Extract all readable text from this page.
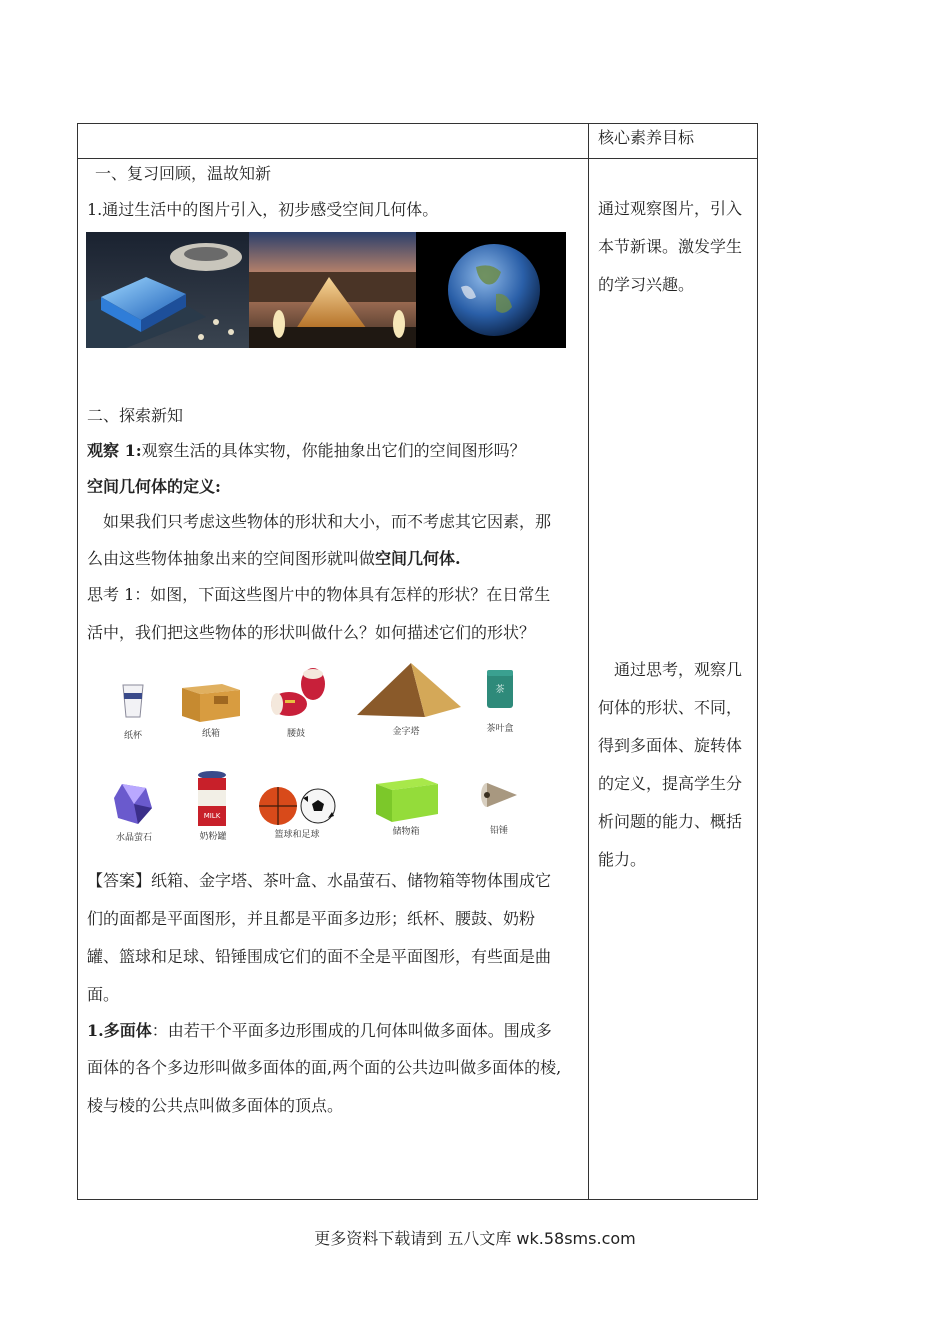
核心素养目标
一、复习回顾，温故知新
1.通过生活中的图片引入，初步感受空间几何体。
二、探索新知
观察 1:观察生活的具体实物，你能抽象出它们的空间图形吗？
空间几何体的定义:
如果我们只考虑这些物体的形状和大小，而不考虑其它因素，那
么由这些物体抽象出来的空间图形就叫做空间几何体.
思考 1：如图，下面这些图片中的物体具有怎样的形状？在日常生
活中，我们把这些物体的形状叫做什么？如何描述它们的形状？
茶
纸杯	纸箱	腰鼓	金字塔	茶叶盒
MILK
水晶萤石	奶粉罐	篮球和足球	储物箱	铅锤
【答案】纸箱、金字塔、茶叶盒、水晶萤石、储物箱等物体围成它
们的面都是平面图形，并且都是平面多边形；纸杯、腰鼓、奶粉
罐、篮球和足球、铅锤围成它们的面不全是平面图形，有些面是曲
面。
1.多面体：由若干个平面多边形围成的几何体叫做多面体。围成多
面体的各个多边形叫做多面体的面,两个面的公共边叫做多面体的棱,
棱与棱的公共点叫做多面体的顶点。
通过观察图片，引入本节新课。激发学生的学习兴趣。
　通过思考，观察几何体的形状、不同，得到多面体、旋转体的定义，提高学生分析问题的能力、概括能力。
更多资料下载请到 五八文库 wk.58sms.com
